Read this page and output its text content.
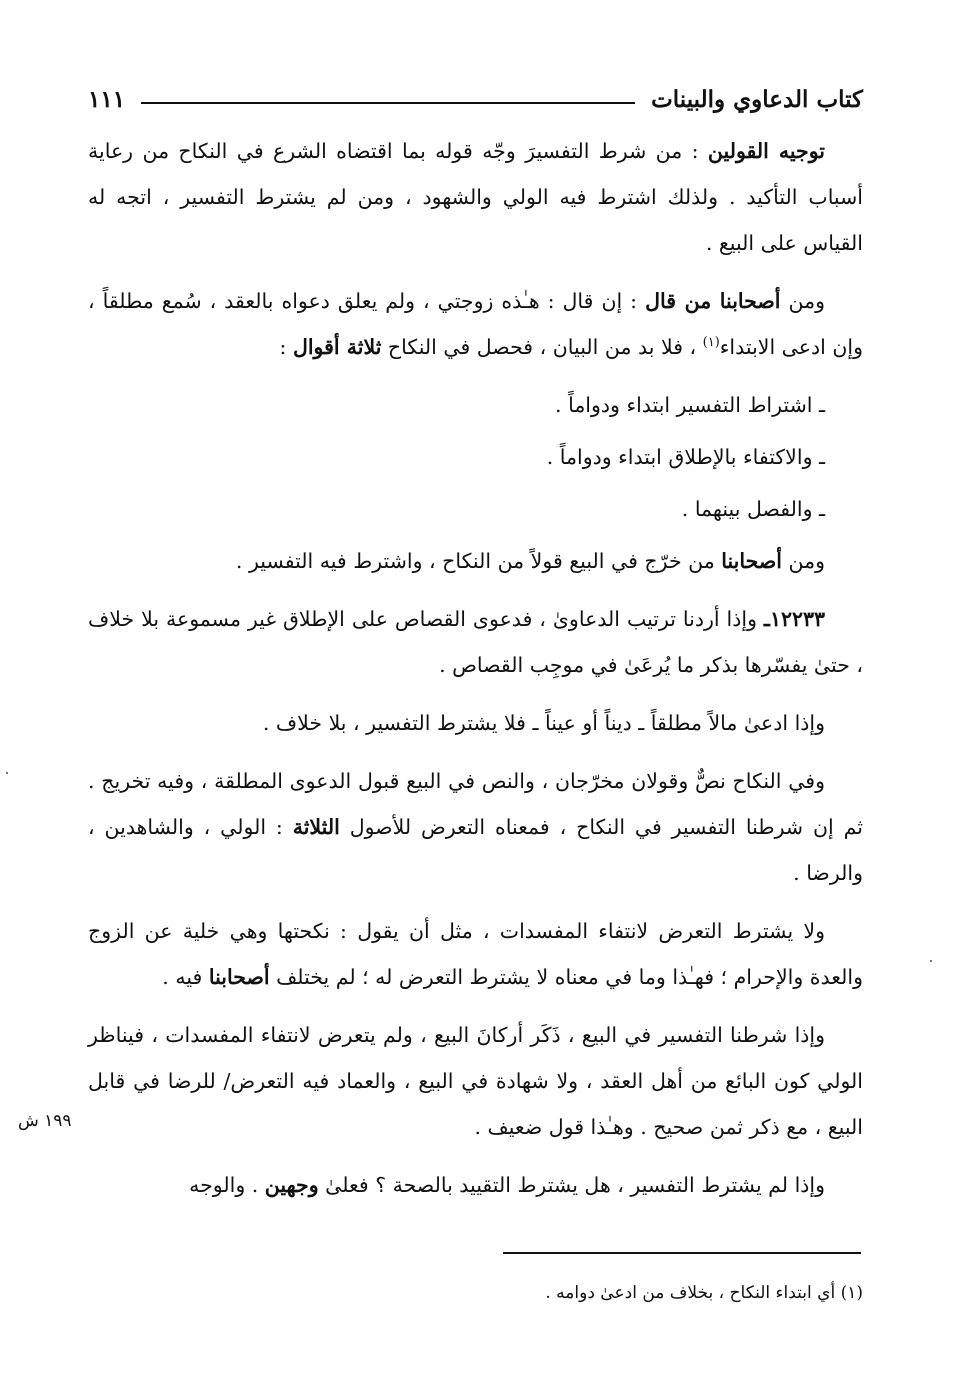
كتاب الدعاوي والبينات
١١١

توجيه القولين : من شرط التفسيرَ وجّه قوله بما اقتضاه الشرع في النكاح من رعاية أسباب التأكيد . ولذلك اشترط فيه الولي والشهود ، ومن لم يشترط التفسير ، اتجه له القياس على البيع .

ومن أصحابنا من قال : إن قال : هـٰذه زوجتي ، ولم يعلق دعواه بالعقد ، سُمع مطلقاً ، وإن ادعى الابتداء$^{(١)}$ ، فلا بد من البيان ، فحصل في النكاح ثلاثة أقوال :

ـ اشتراط التفسير ابتداء ودواماً .

ـ والاكتفاء بالإطلاق ابتداء ودواماً .

ـ والفصل بينهما .

ومن أصحابنا من خرّج في البيع قولاً من النكاح ، واشترط فيه التفسير .

١٢٢٣٣ـ وإذا أردنا ترتيب الدعاوىٰ ، فدعوى القصاص على الإطلاق غير مسموعة بلا خلاف ، حتىٰ يفسّرها بذكر ما يُرعَىٰ في موجِب القصاص .

وإذا ادعىٰ مالاً مطلقاً ـ ديناً أو عيناً ـ فلا يشترط التفسير ، بلا خلاف .

وفي النكاح نصٌّ وقولان مخرّجان ، والنص في البيع قبول الدعوى المطلقة ، وفيه تخريج . ثم إن شرطنا التفسير في النكاح ، فمعناه التعرض للأصول الثلاثة : الولي ، والشاهدين ، والرضا .

ولا يشترط التعرض لانتفاء المفسدات ، مثل أن يقول : نكحتها وهي خلية عن الزوج والعدة والإحرام ؛ فهـٰذا وما في معناه لا يشترط التعرض له ؛ لم يختلف أصحابنا فيه .

وإذا شرطنا التفسير في البيع ، ذَكَر أركانَ البيع ، ولم يتعرض لانتفاء المفسدات ، فيناظر الولي كون البائع من أهل العقد ، ولا شهادة في البيع ، والعماد فيه التعرض/ للرضا في قابل البيع ، مع ذكر ثمن صحيح . وهـٰذا قول ضعيف .

وإذا لم يشترط التفسير ، هل يشترط التقييد بالصحة ؟ فعلىٰ وجهين . والوجه

١٩٩ ش
(١) أي ابتداء النكاح ، بخلاف من ادعىٰ دوامه .
